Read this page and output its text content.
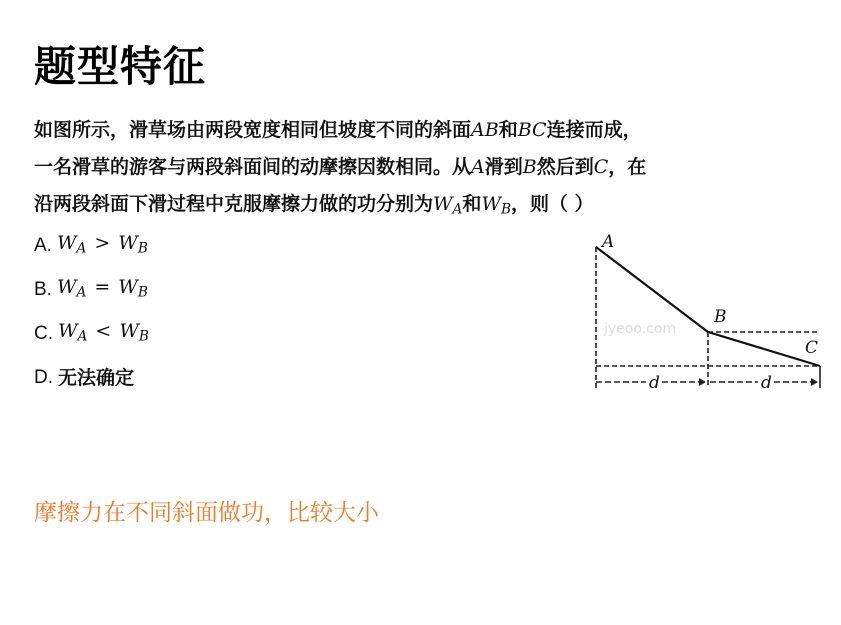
题型特征
如图所示，滑草场由两段宽度相同但坡度不同的斜面AB和BC连接而成，
一名滑草的游客与两段斜面间的动摩擦因数相同。从A滑到B然后到C，在
沿两段斜面下滑过程中克服摩擦力做的功分别为$W_A$和$W_B$，则（ ）
A. $W_A > W_B$
B. $W_A = W_B$
C. $W_A < W_B$
D. 无法确定
jyeoo.com
A
B
C
d	d
摩擦力在不同斜面做功，比较大小
